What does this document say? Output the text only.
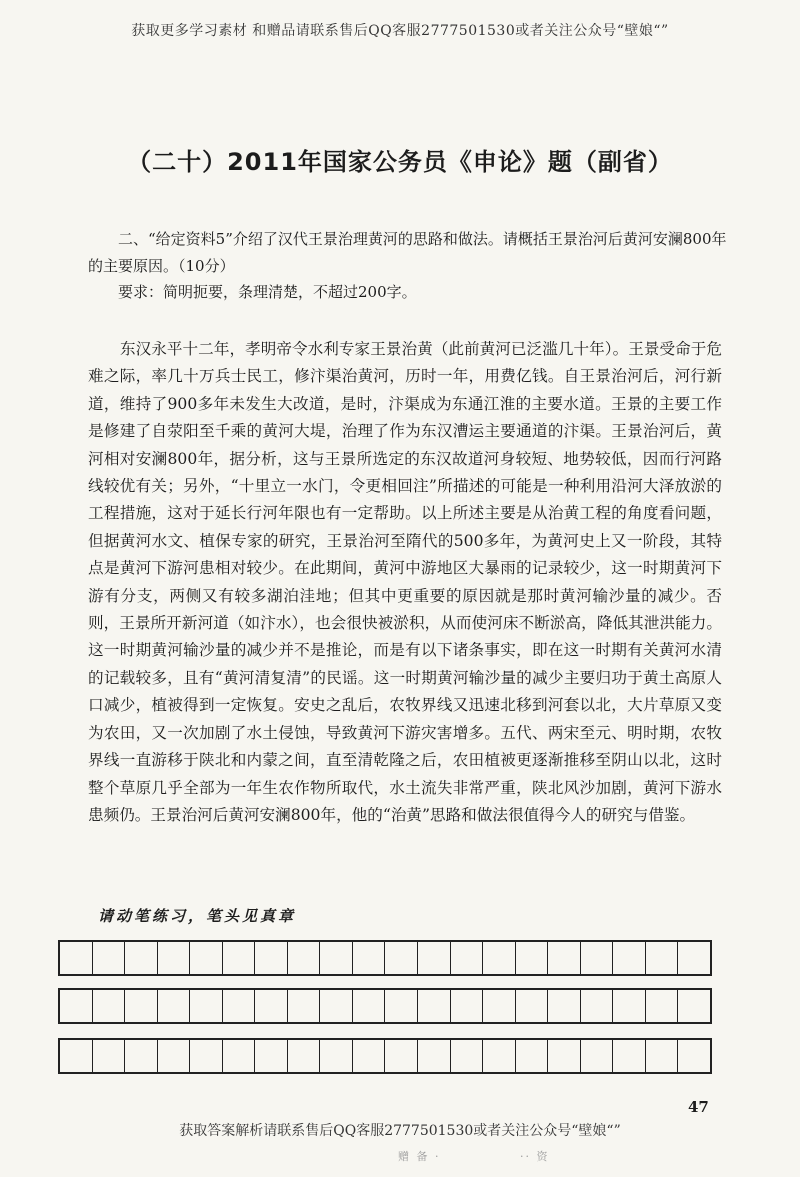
获取更多学习素材 和赠品请联系售后QQ客服2777501530或者关注公众号“壁娘“”
（二十）2011年国家公务员《申论》题（副省）
二、“给定资料5”介绍了汉代王景治理黄河的思路和做法。请概括王景治河后黄河安澜800年的主要原因。（10分）
要求：简明扼要，条理清楚，不超过200字。
东汉永平十二年，孝明帝令水利专家王景治黄（此前黄河已泛滥几十年）。王景受命于危难之际，率几十万兵士民工，修汴渠治黄河，历时一年，用费亿钱。自王景治河后，河行新道，维持了900多年未发生大改道，是时，汴渠成为东通江淮的主要水道。王景的主要工作是修建了自荥阳至千乘的黄河大堤，治理了作为东汉漕运主要通道的汴渠。王景治河后，黄河相对安澜800年，据分析，这与王景所选定的东汉故道河身较短、地势较低，因而行河路线较优有关；另外，“十里立一水门，令更相回注”所描述的可能是一种利用沿河大泽放淤的工程措施，这对于延长行河年限也有一定帮助。以上所述主要是从治黄工程的角度看问题，但据黄河水文、植保专家的研究，王景治河至隋代的500多年，为黄河史上又一阶段，其特点是黄河下游河患相对较少。在此期间，黄河中游地区大暴雨的记录较少，这一时期黄河下游有分支，两侧又有较多湖泊洼地；但其中更重要的原因就是那时黄河输沙量的减少。否则，王景所开新河道（如汴水），也会很快被淤积，从而使河床不断淤高，降低其泄洪能力。这一时期黄河输沙量的减少并不是推论，而是有以下诸条事实，即在这一时期有关黄河水清的记载较多，且有“黄河清复清”的民谣。这一时期黄河输沙量的减少主要归功于黄土高原人口减少，植被得到一定恢复。安史之乱后，农牧界线又迅速北移到河套以北，大片草原又变为农田，又一次加剧了水土侵蚀，导致黄河下游灾害增多。五代、两宋至元、明时期，农牧界线一直游移于陕北和内蒙之间，直至清乾隆之后，农田植被更逐渐推移至阴山以北，这时整个草原几乎全部为一年生农作物所取代，水土流失非常严重，陕北风沙加剧，黄河下游水患频仍。王景治河后黄河安澜800年，他的“治黄”思路和做法很值得今人的研究与借鉴。
请动笔练习，笔头见真章
47
获取答案解析请联系售后QQ客服2777501530或者关注公众号“壁娘“”
赠 备 ·	·· 资
